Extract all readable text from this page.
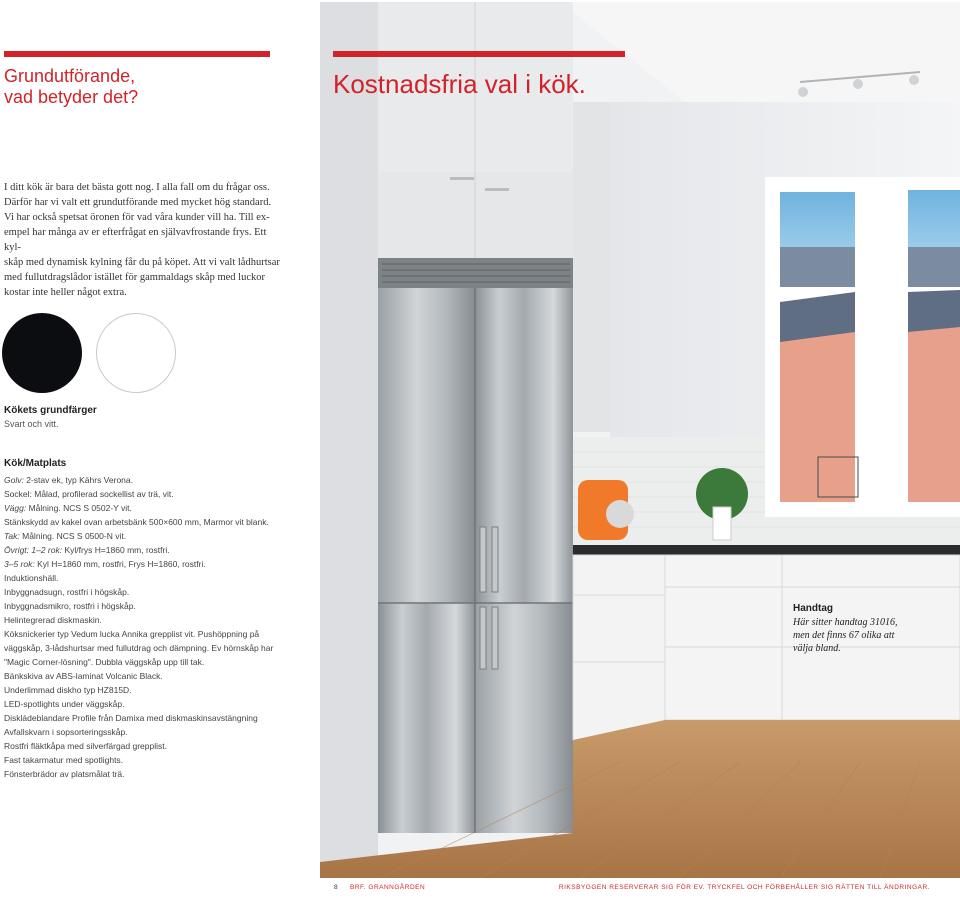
Grundutförande,
vad betyder det?

I ditt kök är bara det bästa gott nog. I alla fall om du frågar oss.

Därför har vi valt ett grundutförande med mycket hög standard.

Vi har också spetsat öronen för vad våra kunder vill ha. Till ex-

empel har många av er efterfrågat en självavfrostande frys. Ett kyl-

skåp med dynamisk kylning får du på köpet. Att vi valt lådhurtsar

med fullutdragslådor istället för gammaldags skåp med luckor

kostar inte heller något extra.

Kökets grundfärger
Svart och vitt.
Kök/Matplats
Golv: 2-stav ek, typ Kährs Verona.
Sockel: Målad, profilerad sockellist av trä, vit.
Vägg: Målning. NCS S 0502-Y vit.
Stänkskydd av kakel ovan arbetsbänk 500×600 mm, Marmor vit blank.
Tak: Målning. NCS S 0500-N vit.
Övrigt: 1–2 rok: Kyl/frys H=1860 mm, rostfri.
3–5 rok: Kyl H=1860 mm, rostfri, Frys H=1860, rostfri.
Induktionshäll.
Inbyggnadsugn, rostfri i högskåp.
Inbyggnadsmikro, rostfri i högskåp.
Helintegrerad diskmaskin.
Köksnickerier typ Vedum lucka Annika grepplist vit. Pushöppning på
väggskåp, 3-lådshurtsar med fullutdrag och dämpning. Ev hörnskåp har
"Magic Corner-lösning". Dubbla väggskåp upp till tak.
Bänkskiva av ABS-laminat Volcanic Black.
Underlimmad diskho typ HZ815D.
LED-spotlights under väggskåp.
Diskládeblandare Profile från Damixa med diskmaskinsavstängning
Avfallskvarn i sopsorteringsskåp.
Rostfri fläktkåpa med silverfärgad grepplist.
Fast takarmatur med spotlights.
Fönsterbrädor av platsmålat trä.
Kostnadsfria val i kök.
Handtag
Här sitter handtag 31016,
men det finns 67 olika att
välja bland.
8 BRF. GRANNGÅRDEN	RIKSBYGGEN RESERVERAR SIG FÖR EV. TRYCKFEL OCH FÖRBEHÅLLER SIG RÄTTEN TILL ÄNDRINGAR.
